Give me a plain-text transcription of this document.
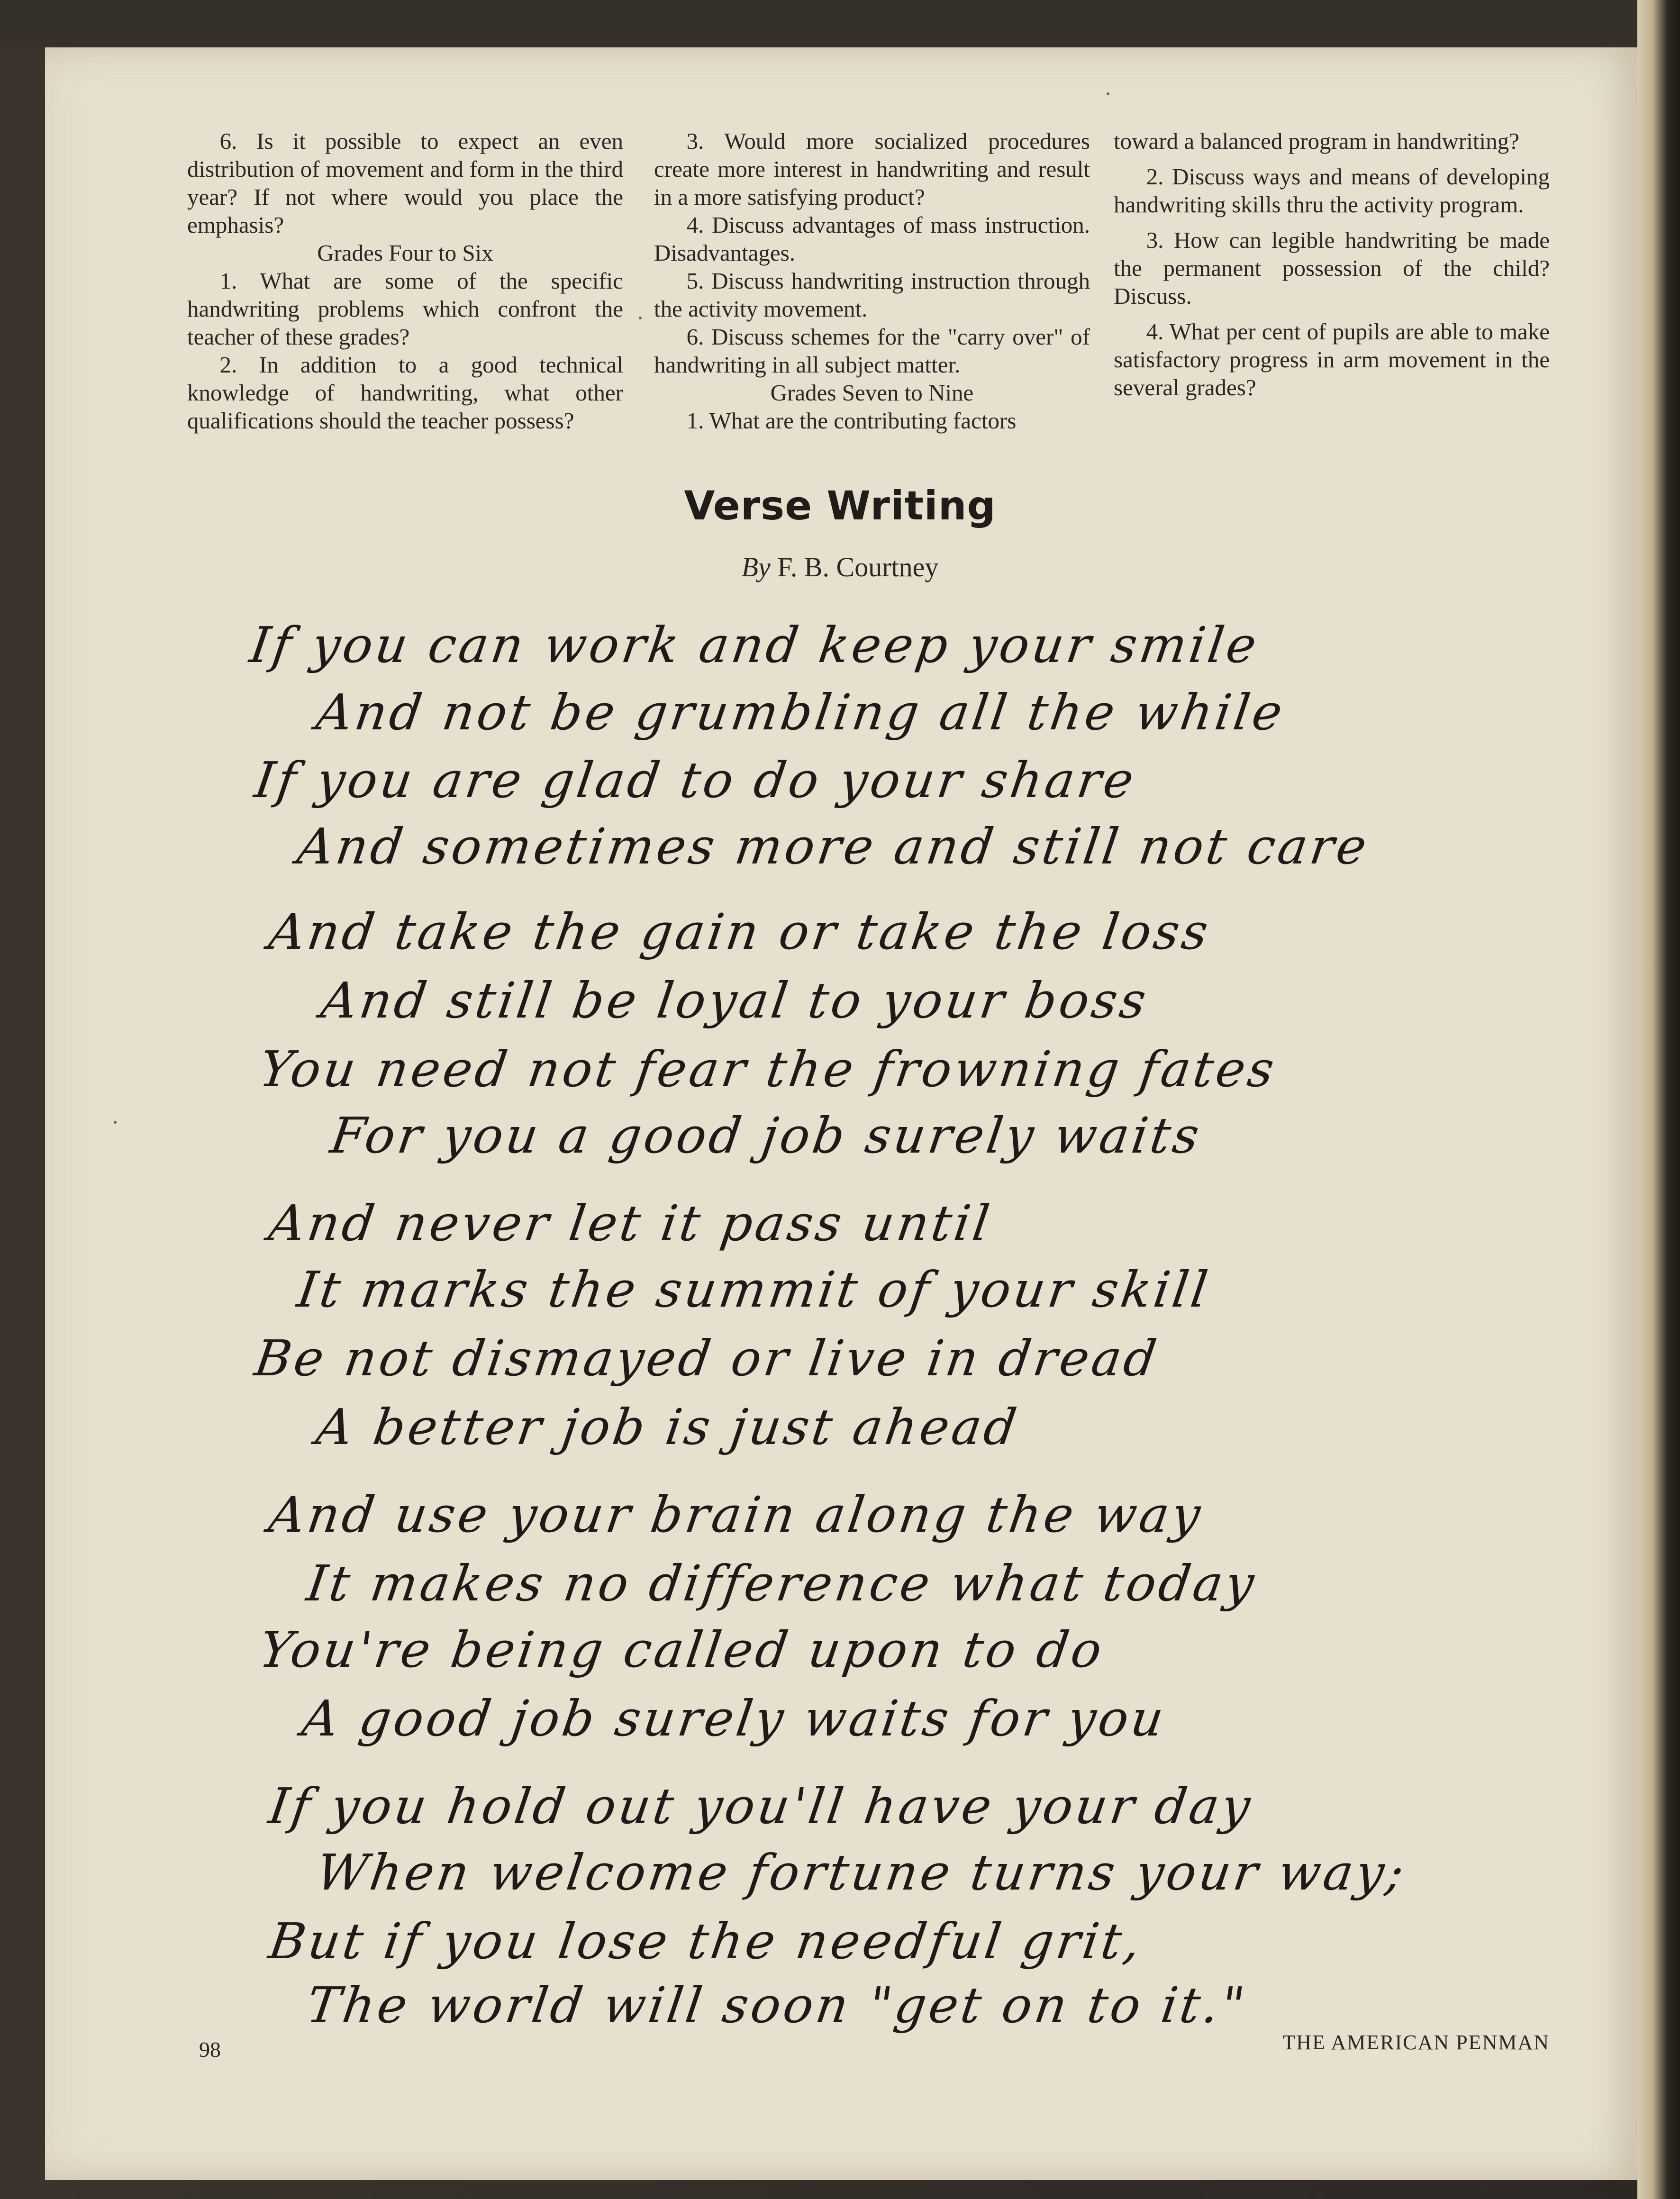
6. Is it possible to expect an even distribution of movement and form in the third year? If not where would you place the emphasis?

Grades Four to Six

1. What are some of the specific handwriting problems which confront the teacher of these grades?

2. In addition to a good technical knowledge of handwriting, what other qualifications should the teacher possess?

3. Would more socialized procedures create more interest in handwriting and result in a more satisfying product?

4. Discuss advantages of mass instruction. Disadvantages.

5. Discuss handwriting instruction through the activity movement.

6. Discuss schemes for the "carry over" of handwriting in all subject matter.

Grades Seven to Nine

1. What are the contributing factors

toward a balanced program in handwriting?

2. Discuss ways and means of developing handwriting skills thru the activity program.

3. How can legible handwriting be made the permanent possession of the child? Discuss.

4. What per cent of pupils are able to make satisfactory progress in arm movement in the several grades?

Verse Writing
By F. B. Courtney
If you can work and keep your smile
And not be grumbling all the while
If you are glad to do your share
And sometimes more and still not care
And take the gain or take the loss
And still be loyal to your boss
You need not fear the frowning fates
For you a good job surely waits
And never let it pass until
It marks the summit of your skill
Be not dismayed or live in dread
A better job is just ahead
And use your brain along the way
It makes no difference what today
You're being called upon to do
A good job surely waits for you
If you hold out you'll have your day
When welcome fortune turns your way;
But if you lose the needful grit,
The world will soon "get on to it."
98	THE AMERICAN PENMAN
